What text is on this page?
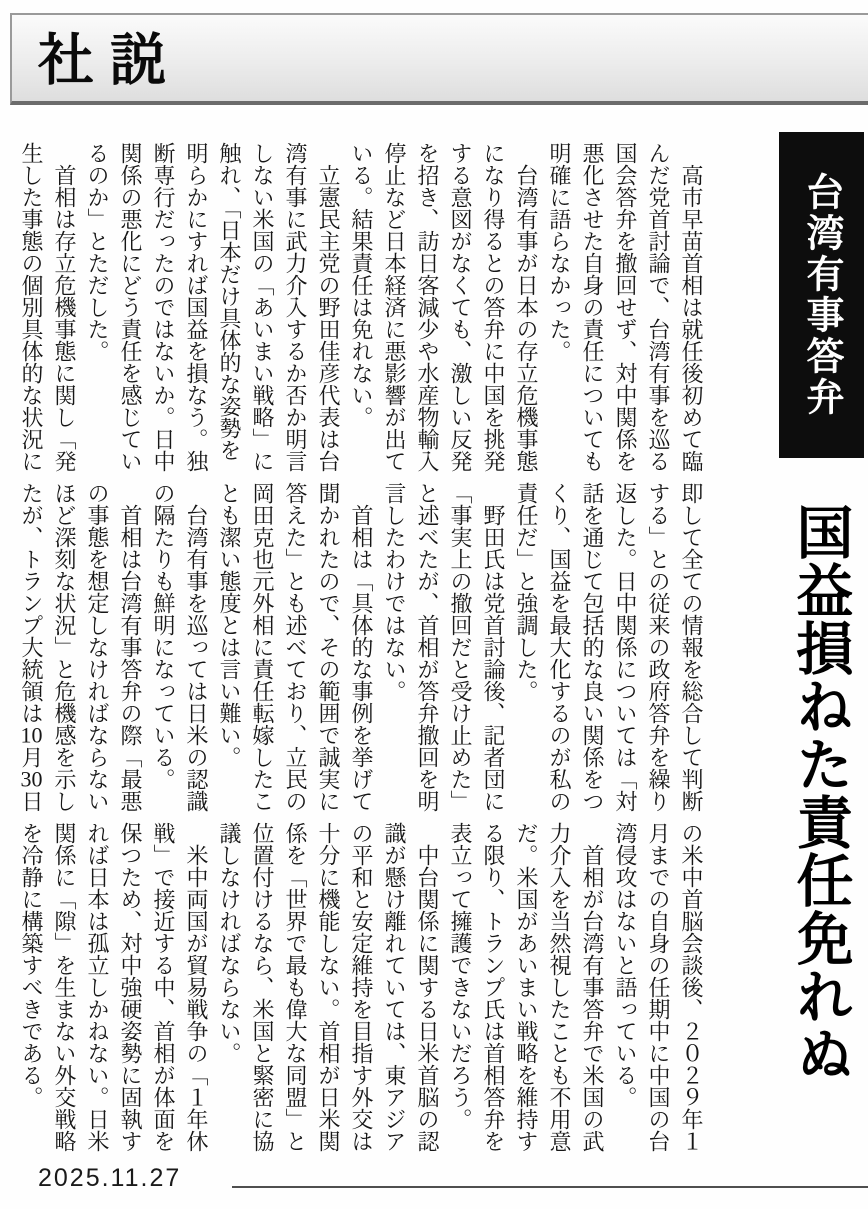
社説
台湾有事答弁
国益損ねた責任免れぬ

　高市早苗首相は就任後初めて臨んだ党首討論で、台湾有事を巡る国会答弁を撤回せず、対中関係を悪化させた自身の責任についても明確に語らなかった。

　台湾有事が日本の存立危機事態になり得るとの答弁に中国を挑発する意図がなくても、激しい反発を招き、訪日客減少や水産物輸入停止など日本経済に悪影響が出ている。結果責任は免れない。

　立憲民主党の野田佳彦代表は台湾有事に武力介入するか否か明言しない米国の「あいまい戦略」に触れ、「日本だけ具体的な姿勢を明らかにすれば国益を損なう。独断専行だったのではないか。日中関係の悪化にどう責任を感じているのか」とただした。

　首相は存立危機事態に関し「発生した事態の個別具体的な状況に

即して全ての情報を総合して判断する」との従来の政府答弁を繰り返した。日中関係については「対話を通じて包括的な良い関係をつくり、国益を最大化するのが私の責任だ」と強調した。

　野田氏は党首討論後、記者団に「事実上の撤回だと受け止めた」と述べたが、首相が答弁撤回を明言したわけではない。

　首相は「具体的な事例を挙げて聞かれたので、その範囲で誠実に答えた」とも述べており、立民の岡田克也元外相に責任転嫁したことも潔い態度とは言い難い。

　台湾有事を巡っては日米の認識の隔たりも鮮明になっている。

　首相は台湾有事答弁の際「最悪の事態を想定しなければならないほど深刻な状況」と危機感を示したが、トランプ大統領は10月30日

の米中首脳会談後、２０２９年１月までの自身の任期中に中国の台湾侵攻はないと語っている。

　首相が台湾有事答弁で米国の武力介入を当然視したことも不用意だ。米国があいまい戦略を維持する限り、トランプ氏は首相答弁を表立って擁護できないだろう。

　中台関係に関する日米首脳の認識が懸け離れていては、東アジアの平和と安定維持を目指す外交は十分に機能しない。首相が日米関係を「世界で最も偉大な同盟」と位置付けるなら、米国と緊密に協議しなければならない。

　米中両国が貿易戦争の「１年休戦」で接近する中、首相が体面を保つため、対中強硬姿勢に固執すれば日本は孤立しかねない。日米関係に「隙」を生まない外交戦略を冷静に構築すべきである。

2025.11.27
